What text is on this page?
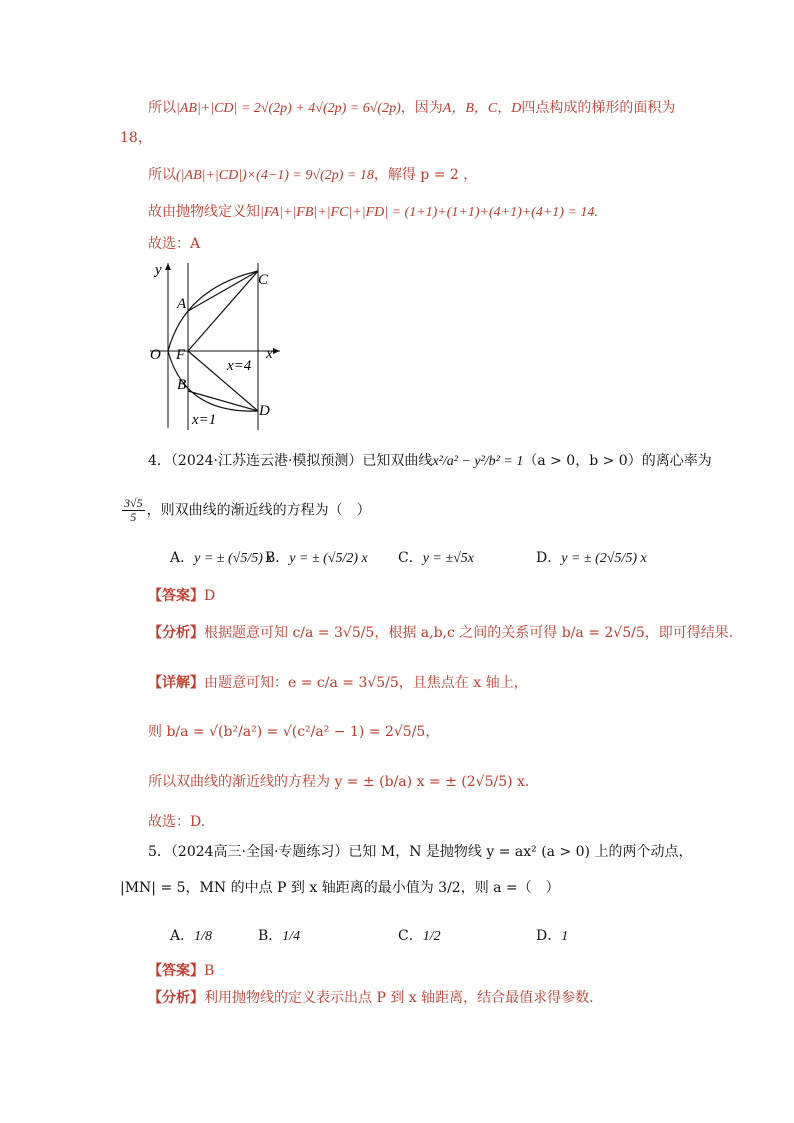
所以|AB|+|CD| = 2√(2p) + 4√(2p) = 6√(2p)，因为A，B，C，D四点构成的梯形的面积为
18，
所以(|AB|+|CD|)×(4−1) = 9√(2p) = 18，解得 p = 2 ，
故由抛物线定义知|FA|+|FB|+|FC|+|FD| = (1+1)+(1+1)+(4+1)+(4+1) = 14.
故选：A
y
x
O F
A
B
C
D
x=4
x=1
4．（2024·江苏连云港·模拟预测）已知双曲线x²/a² − y²/b² = 1（a > 0，b > 0）的离心率为
$\frac{3√5}{5}$ ，则双曲线的渐近线的方程为（　）
A．y = ± (√5/5) x
B．y = ± (√5/2) x C．y = ±√5x	D．y = ± (2√5/5) x
【答案】D
【分析】根据题意可知 c/a = 3√5/5，根据 a,b,c 之间的关系可得 b/a = 2√5/5，即可得结果.
【详解】由题意可知：e = c/a = 3√5/5，且焦点在 x 轴上，
则 b/a = √(b²/a²) = √(c²/a² − 1) = 2√5/5，
所以双曲线的渐近线的方程为 y = ± (b/a) x = ± (2√5/5) x.
故选：D.
5．（2024高三·全国·专题练习）已知 M，N 是抛物线 y = ax² (a > 0) 上的两个动点，
|MN| = 5，MN 的中点 P 到 x 轴距离的最小值为 3/2，则 a =（　）
A．1/8	B．1/4	C．1/2	D．1
【答案】B
【分析】利用抛物线的定义表示出点 P 到 x 轴距离，结合最值求得参数.
